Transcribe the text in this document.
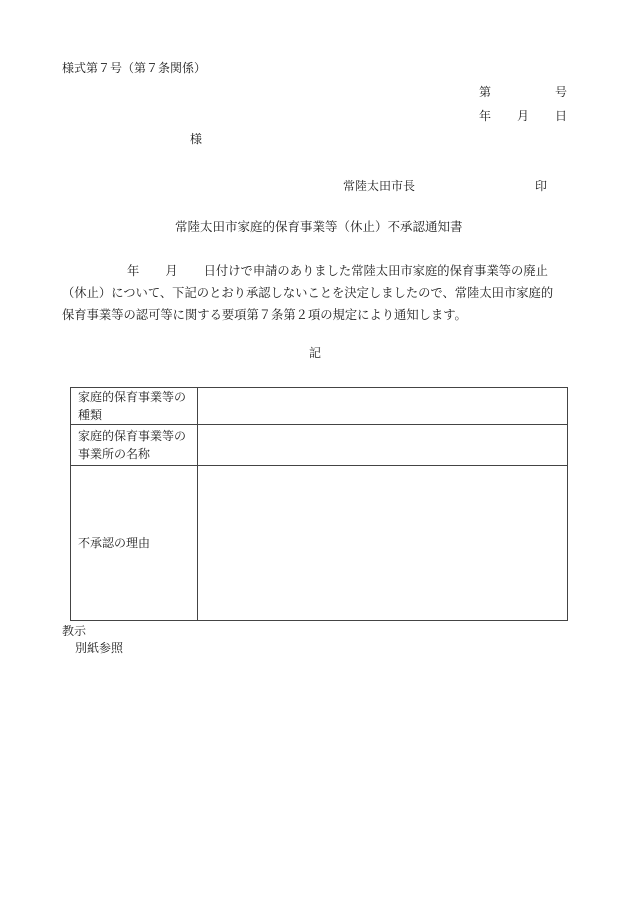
様式第７号（第７条関係）
第	号
年 月 日
様
常陸太田市長	印
常陸太田市家庭的保育事業等（休止）不承認通知書
年 月 日付けで申請のありました常陸太田市家庭的保育事業等の廃止
（休止）について、下記のとおり承認しないことを決定しましたので、常陸太田市家庭的
保育事業等の認可等に関する要項第７条第２項の規定により通知します。
記
家庭的保育事業等の
種類	

家庭的保育事業等の
事業所の名称	

不承認の理由	
教示
別紙参照
